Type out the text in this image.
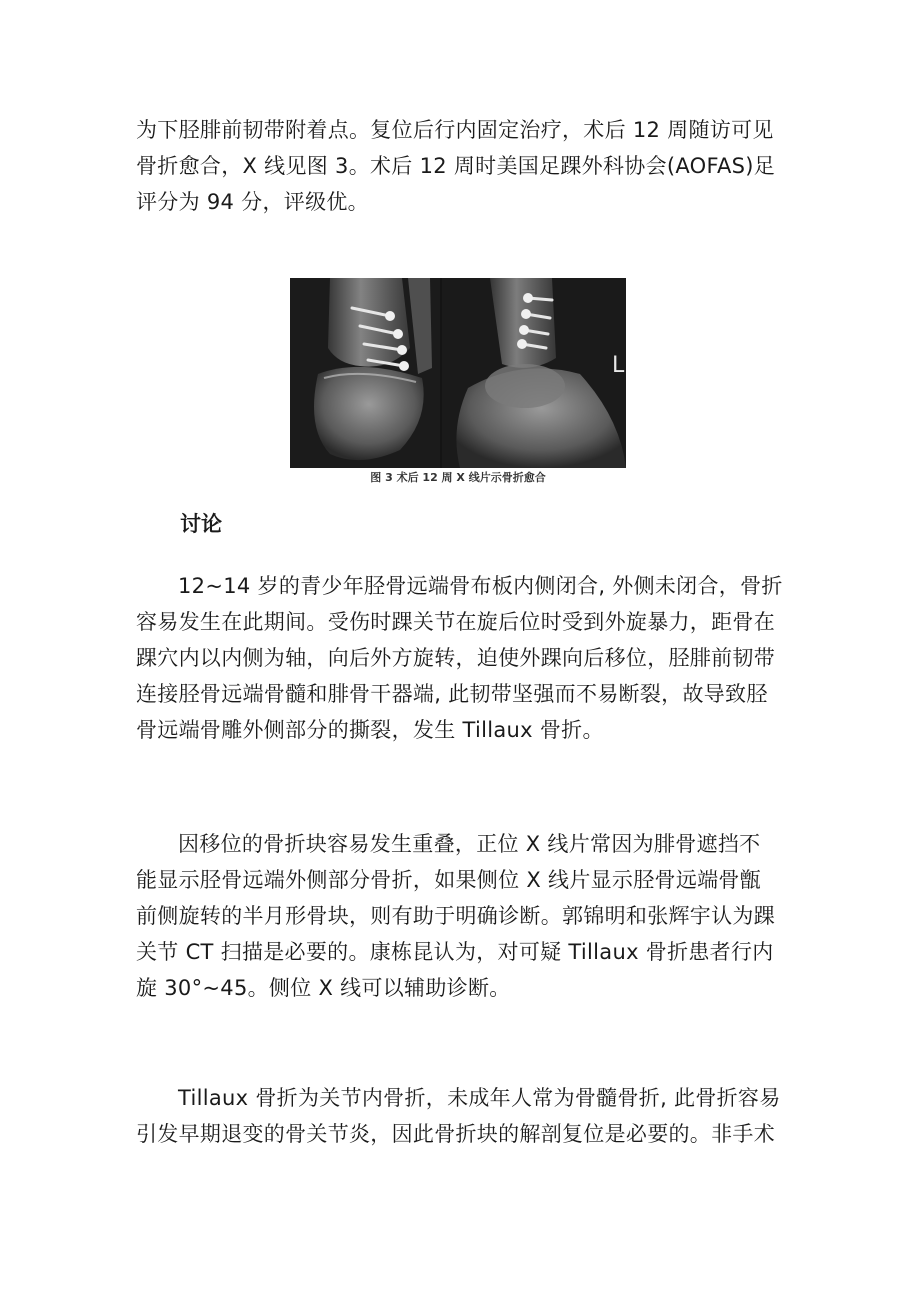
为下胫腓前韧带附着点。复位后行内固定治疗，术后 12 周随访可见
骨折愈合，X 线见图 3。术后 12 周时美国足踝外科协会(AOFAS)足
评分为 94 分，评级优。

L

图 3 术后 12 周 X 线片示骨折愈合

讨论

12~14 岁的青少年胫骨远端骨布板内侧闭合, 外侧未闭合，骨折
容易发生在此期间。受伤时踝关节在旋后位时受到外旋暴力，距骨在
踝穴内以内侧为轴，向后外方旋转，迫使外踝向后移位，胫腓前韧带
连接胫骨远端骨髓和腓骨干器端, 此韧带坚强而不易断裂，故导致胫
骨远端骨雕外侧部分的撕裂，发生 Tillaux 骨折。

因移位的骨折块容易发生重叠，正位 X 线片常因为腓骨遮挡不
能显示胫骨远端外侧部分骨折，如果侧位 X 线片显示胫骨远端骨甑
前侧旋转的半月形骨块，则有助于明确诊断。郭锦明和张辉宇认为踝
关节 CT 扫描是必要的。康栋昆认为，对可疑 Tillaux 骨折患者行内
旋 30°~45。侧位 X 线可以辅助诊断。

Tillaux 骨折为关节内骨折，未成年人常为骨髓骨折, 此骨折容易
引发早期退变的骨关节炎，因此骨折块的解剖复位是必要的。非手术
